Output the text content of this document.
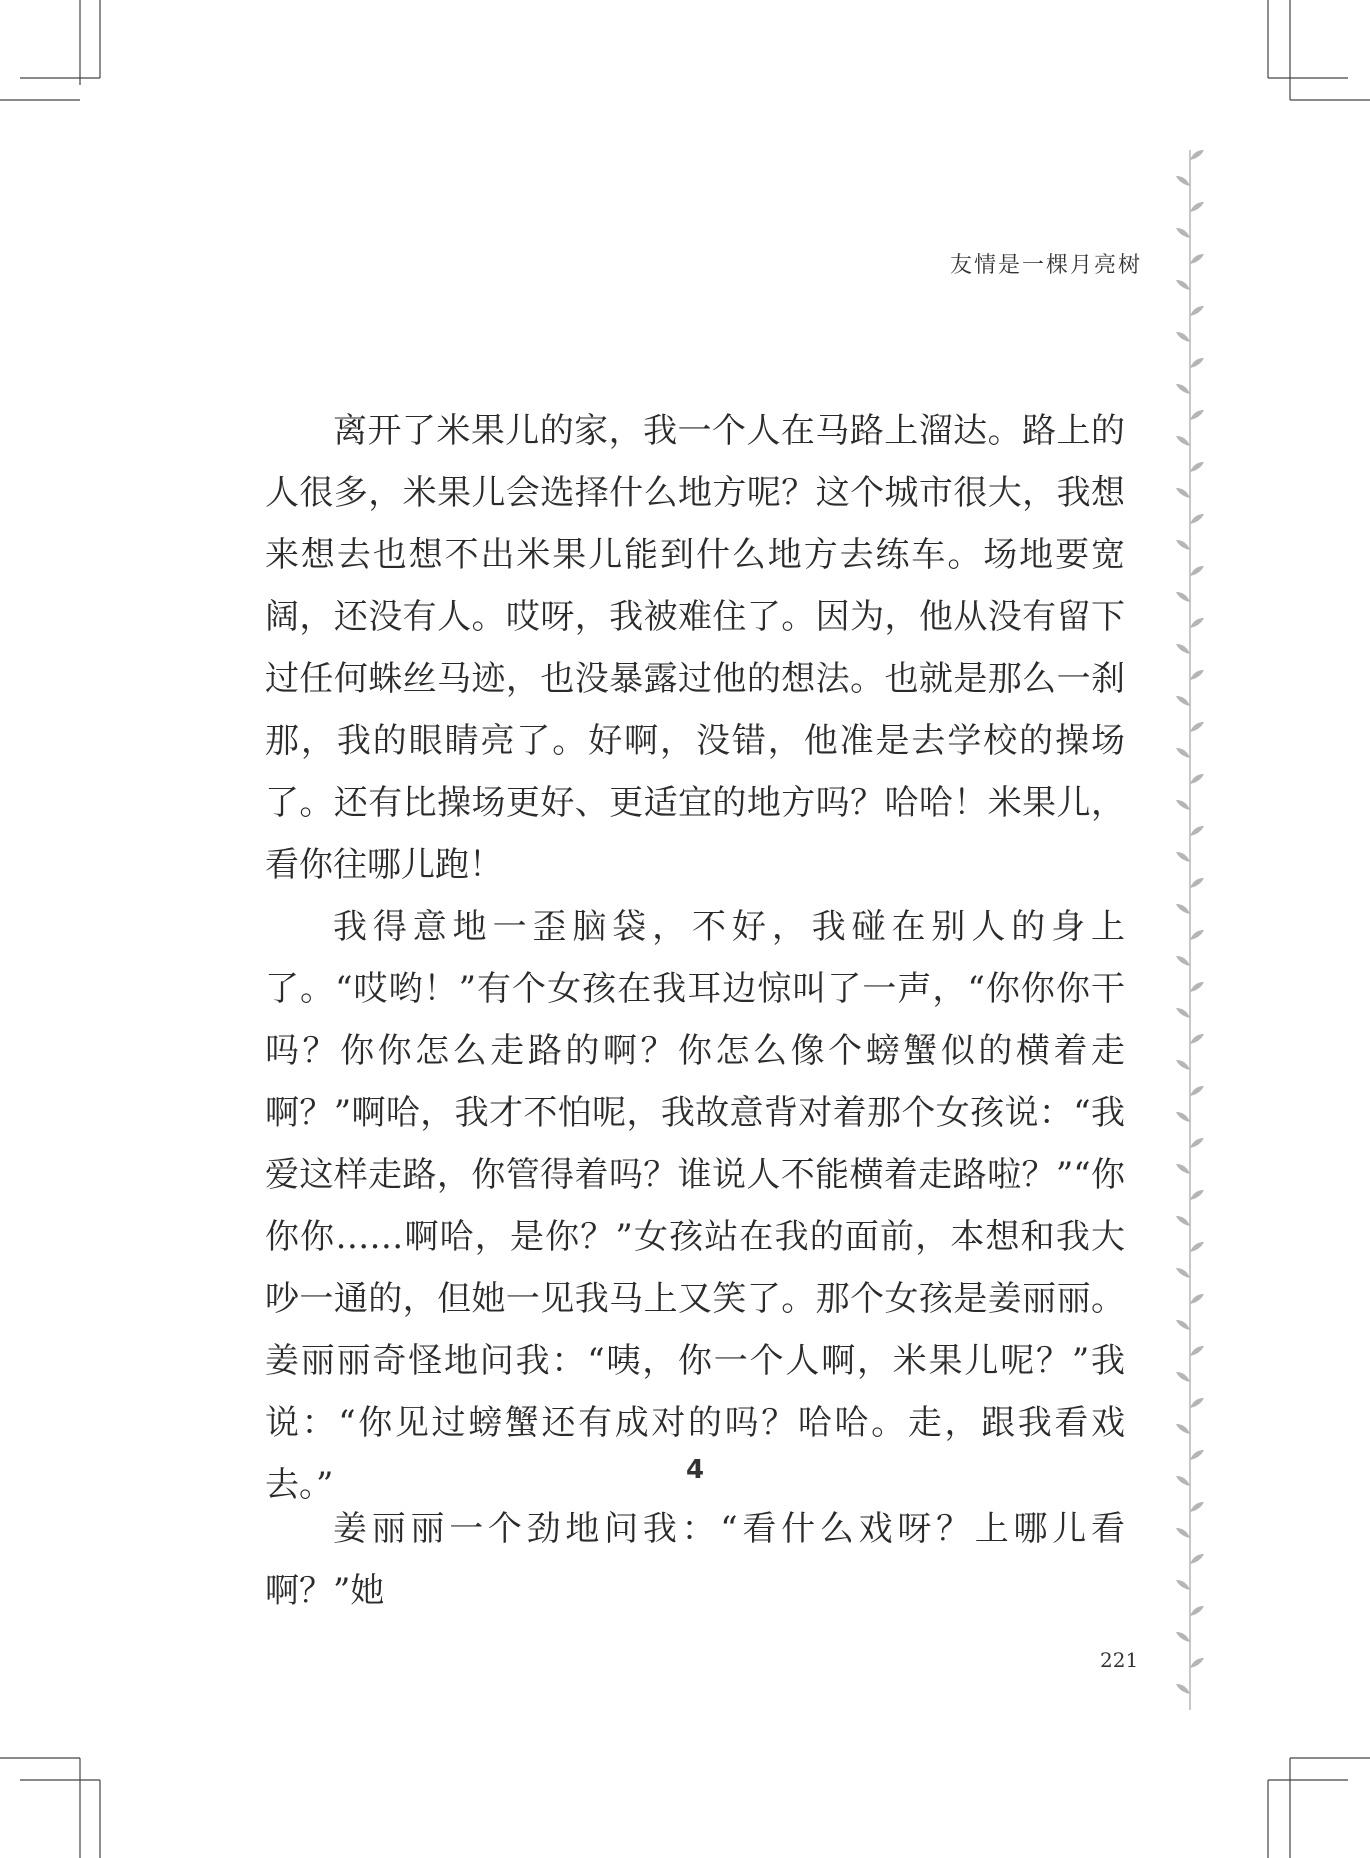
友情是一棵月亮树

离开了米果儿的家，我一个人在马路上溜达。路上的人很多，米果儿会选择什么地方呢？这个城市很大，我想来想去也想不出米果儿能到什么地方去练车。场地要宽阔，还没有人。哎呀，我被难住了。因为，他从没有留下过任何蛛丝马迹，也没暴露过他的想法。也就是那么一刹那，我的眼睛亮了。好啊，没错，他准是去学校的操场了。还有比操场更好、更适宜的地方吗？哈哈！米果儿，看你往哪儿跑！

我得意地一歪脑袋，不好，我碰在别人的身上了。“哎哟！”有个女孩在我耳边惊叫了一声，“你你你干吗？你你怎么走路的啊？你怎么像个螃蟹似的横着走啊？”啊哈，我才不怕呢，我故意背对着那个女孩说：“我爱这样走路，你管得着吗？谁说人不能横着走路啦？”“你你你……啊哈，是你？”女孩站在我的面前，本想和我大吵一通的，但她一见我马上又笑了。那个女孩是姜丽丽。姜丽丽奇怪地问我：“咦，你一个人啊，米果儿呢？”我说：“你见过螃蟹还有成对的吗？哈哈。走，跟我看戏去。”	4

姜丽丽一个劲地问我：“看什么戏呀？上哪儿看啊？”她

221
